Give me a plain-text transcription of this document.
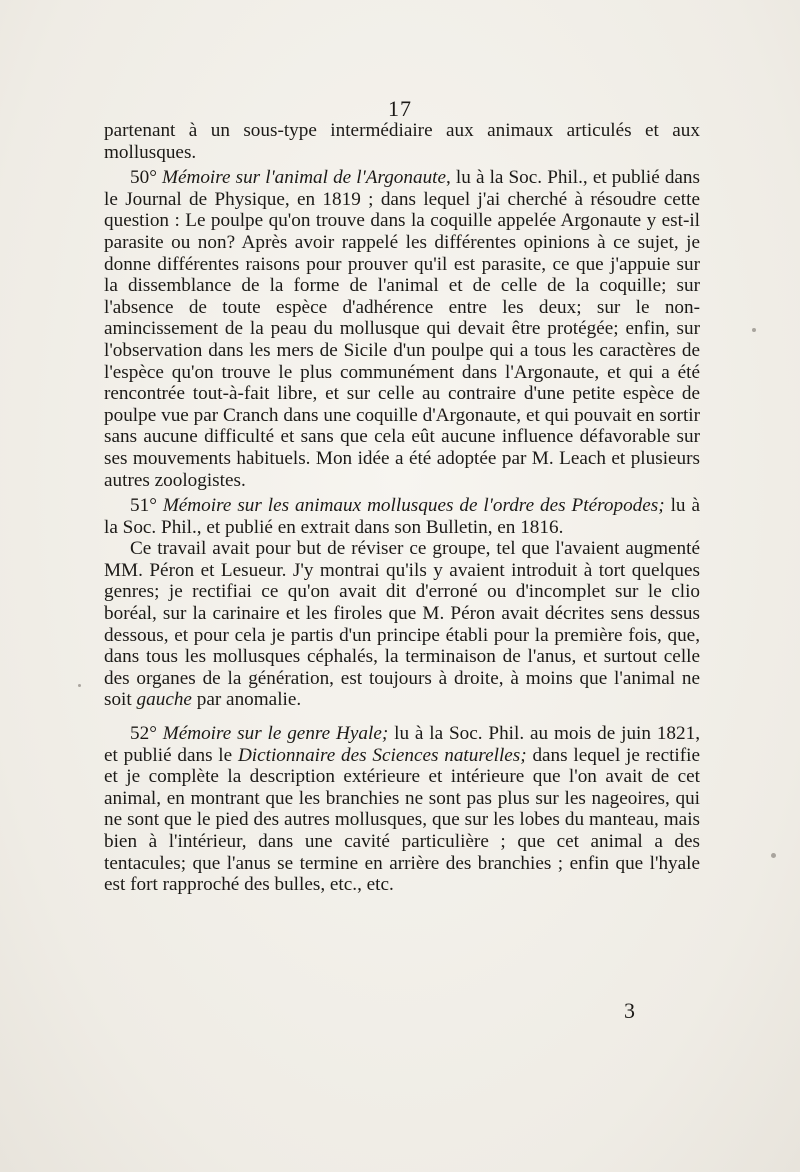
17

partenant à un sous-type intermédiaire aux animaux articulés et aux mollusques.

50° Mémoire sur l'animal de l'Argonaute, lu à la Soc. Phil., et publié dans le Journal de Physique, en 1819 ; dans lequel j'ai cherché à résoudre cette question : Le poulpe qu'on trouve dans la coquille appelée Argonaute y est-il parasite ou non? Après avoir rappelé les différentes opinions à ce sujet, je donne différentes raisons pour prouver qu'il est parasite, ce que j'appuie sur la dissemblance de la forme de l'animal et de celle de la coquille; sur l'absence de toute espèce d'adhérence entre les deux; sur le non-amincissement de la peau du mollusque qui devait être protégée; enfin, sur l'observation dans les mers de Sicile d'un poulpe qui a tous les caractères de l'espèce qu'on trouve le plus communément dans l'Argonaute, et qui a été rencontrée tout-à-fait libre, et sur celle au contraire d'une petite espèce de poulpe vue par Cranch dans une coquille d'Argonaute, et qui pouvait en sortir sans aucune difficulté et sans que cela eût aucune influence défavorable sur ses mouvements habituels. Mon idée a été adoptée par M. Leach et plusieurs autres zoologistes.

51° Mémoire sur les animaux mollusques de l'ordre des Ptéropodes; lu à la Soc. Phil., et publié en extrait dans son Bulletin, en 1816.

Ce travail avait pour but de réviser ce groupe, tel que l'avaient augmenté MM. Péron et Lesueur. J'y montrai qu'ils y avaient introduit à tort quelques genres; je rectifiai ce qu'on avait dit d'erroné ou d'incomplet sur le clio boréal, sur la carinaire et les firoles que M. Péron avait décrites sens dessus dessous, et pour cela je partis d'un principe établi pour la première fois, que, dans tous les mollusques céphalés, la terminaison de l'anus, et surtout celle des organes de la génération, est toujours à droite, à moins que l'animal ne soit gauche par anomalie.

52° Mémoire sur le genre Hyale; lu à la Soc. Phil. au mois de juin 1821, et publié dans le Dictionnaire des Sciences naturelles; dans lequel je rectifie et je complète la description extérieure et intérieure que l'on avait de cet animal, en montrant que les branchies ne sont pas plus sur les nageoires, qui ne sont que le pied des autres mollusques, que sur les lobes du manteau, mais bien à l'intérieur, dans une cavité particulière ; que cet animal a des tentacules; que l'anus se termine en arrière des branchies ; enfin que l'hyale est fort rapproché des bulles, etc., etc.

3
